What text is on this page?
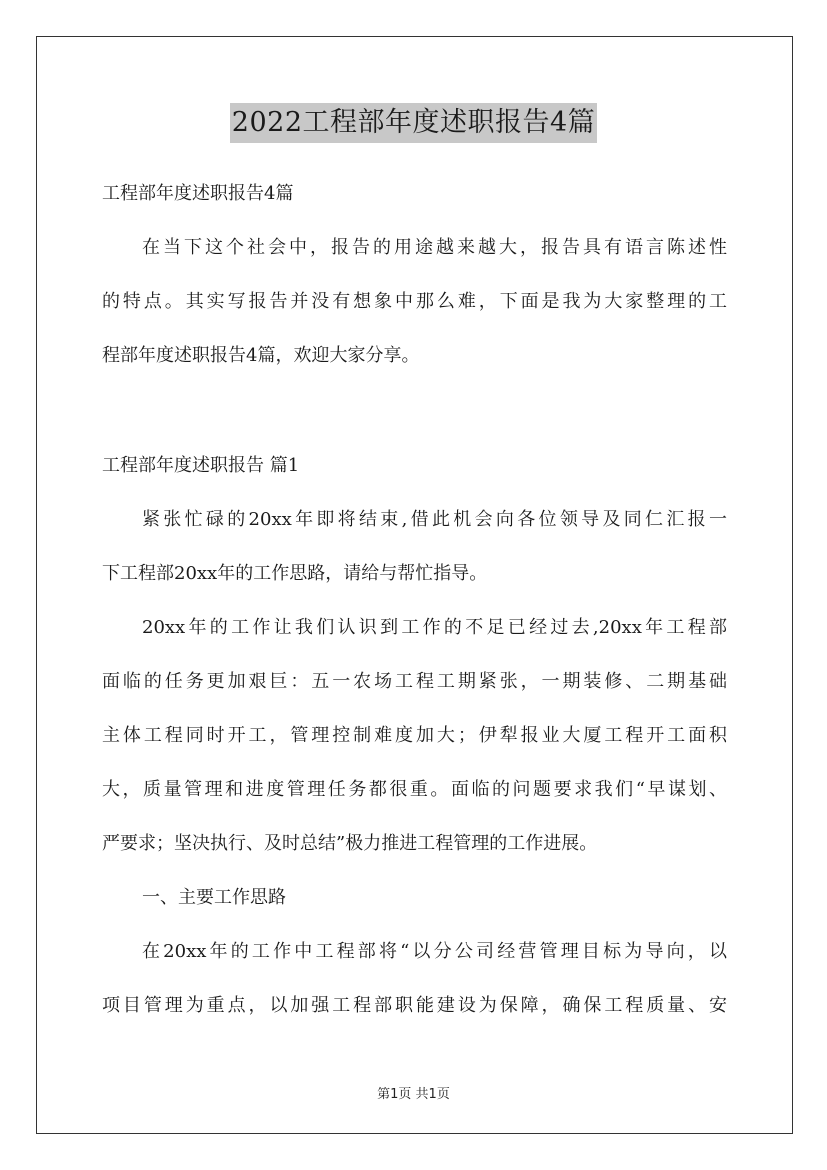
2022工程部年度述职报告4篇
工程部年度述职报告4篇
在当下这个社会中，报告的用途越来越大，报告具有语言陈述性
的特点。其实写报告并没有想象中那么难，下面是我为大家整理的工
程部年度述职报告4篇，欢迎大家分享。
工程部年度述职报告 篇1
紧张忙碌的20xx年即将结束,借此机会向各位领导及同仁汇报一
下工程部20xx年的工作思路，请给与帮忙指导。
20xx年的工作让我们认识到工作的不足已经过去,20xx年工程部
面临的任务更加艰巨：五一农场工程工期紧张，一期装修、二期基础
主体工程同时开工，管理控制难度加大；伊犁报业大厦工程开工面积
大，质量管理和进度管理任务都很重。面临的问题要求我们“早谋划、
严要求；坚决执行、及时总结”极力推进工程管理的工作进展。
一、主要工作思路
在20xx年的工作中工程部将“以分公司经营管理目标为导向，以
项目管理为重点，以加强工程部职能建设为保障，确保工程质量、安
第1页 共1页
